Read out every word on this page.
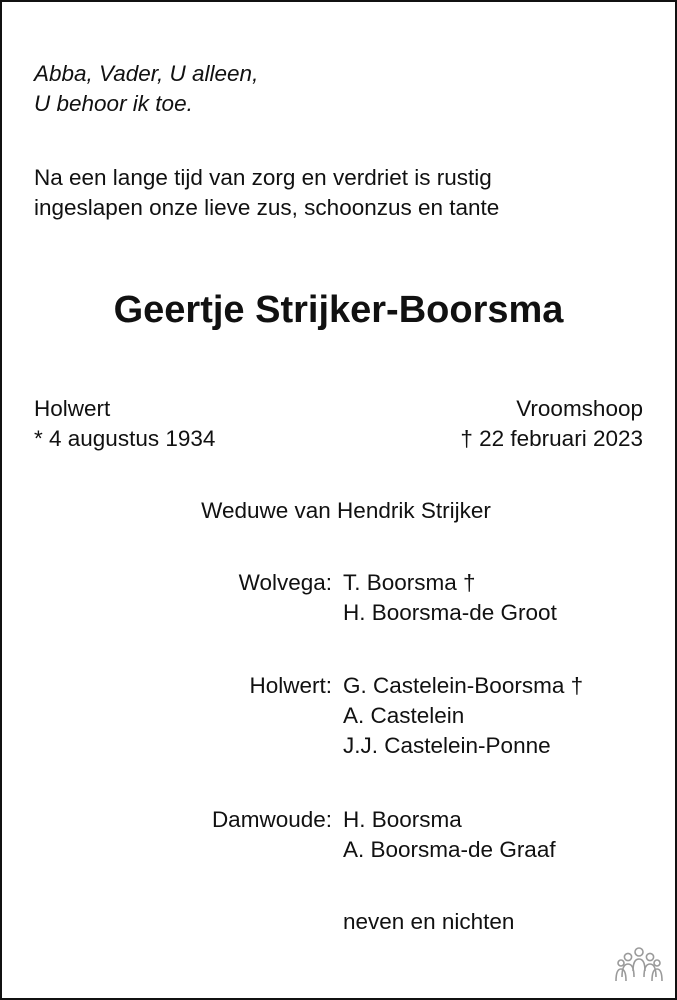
Abba, Vader, U alleen,
U behoor ik toe.
Na een lange tijd van zorg en verdriet is rustig
ingeslapen onze lieve zus, schoonzus en tante
Geertje Strijker-Boorsma
Holwert
* 4 augustus 1934
Vroomshoop
† 22 februari 2023
Weduwe van Hendrik Strijker
Wolvega: T. Boorsma †
H. Boorsma-de Groot
Holwert: G. Castelein-Boorsma †
A. Castelein
J.J. Castelein-Ponne
Damwoude: H. Boorsma
A. Boorsma-de Graaf
neven en nichten
